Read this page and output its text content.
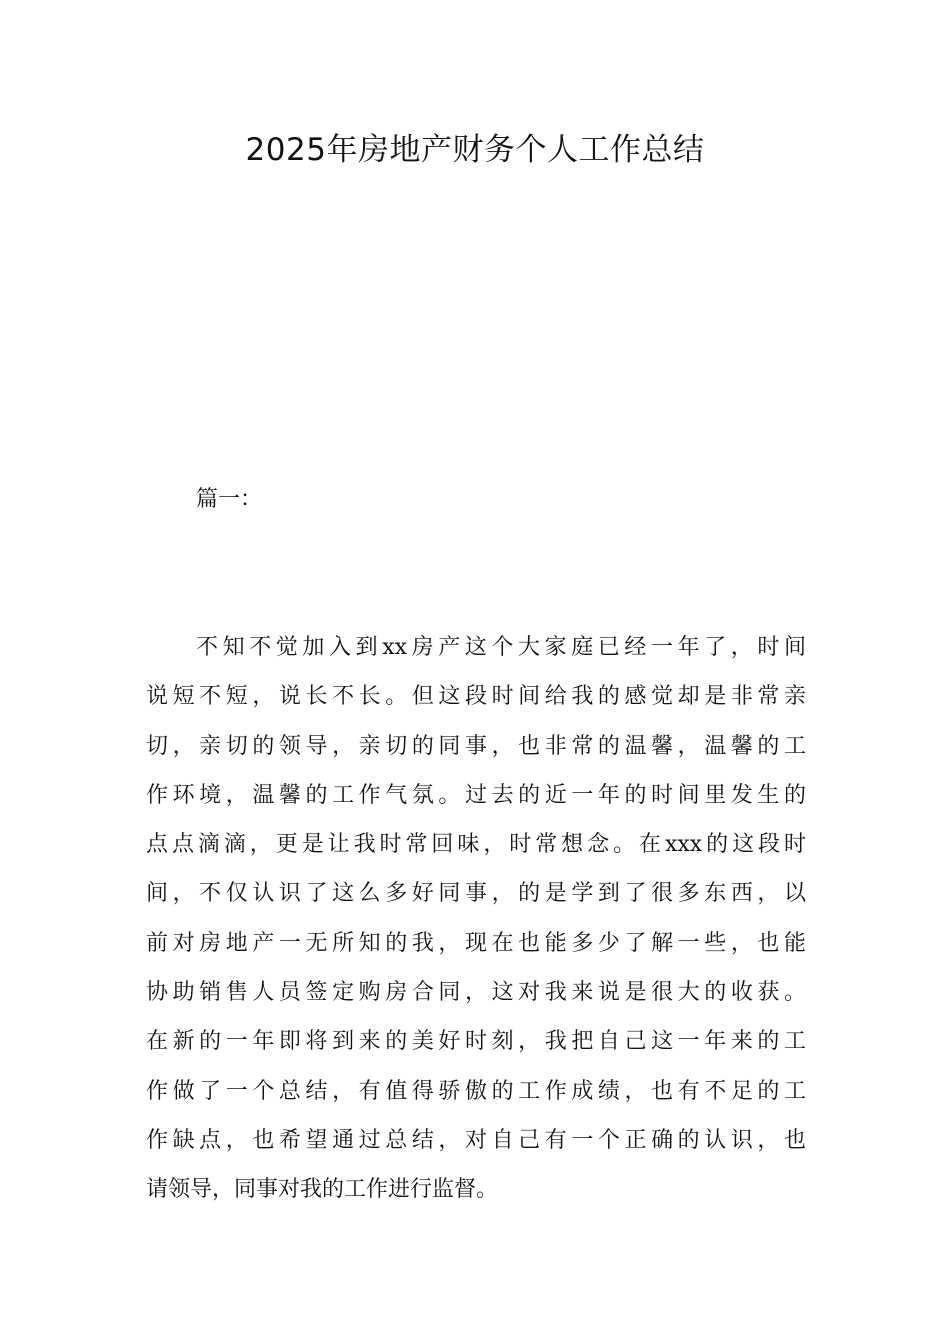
2025年房地产财务个人工作总结
篇一：
不知不觉加入到xx房产这个大家庭已经一年了，时间
说短不短，说长不长。但这段时间给我的感觉却是非常亲
切，亲切的领导，亲切的同事，也非常的温馨，温馨的工
作环境，温馨的工作气氛。过去的近一年的时间里发生的
点点滴滴，更是让我时常回味，时常想念。在xxx的这段时
间，不仅认识了这么多好同事，的是学到了很多东西，以
前对房地产一无所知的我，现在也能多少了解一些，也能
协助销售人员签定购房合同，这对我来说是很大的收获。
在新的一年即将到来的美好时刻，我把自己这一年来的工
作做了一个总结，有值得骄傲的工作成绩，也有不足的工
作缺点，也希望通过总结，对自己有一个正确的认识，也
请领导，同事对我的工作进行监督。
